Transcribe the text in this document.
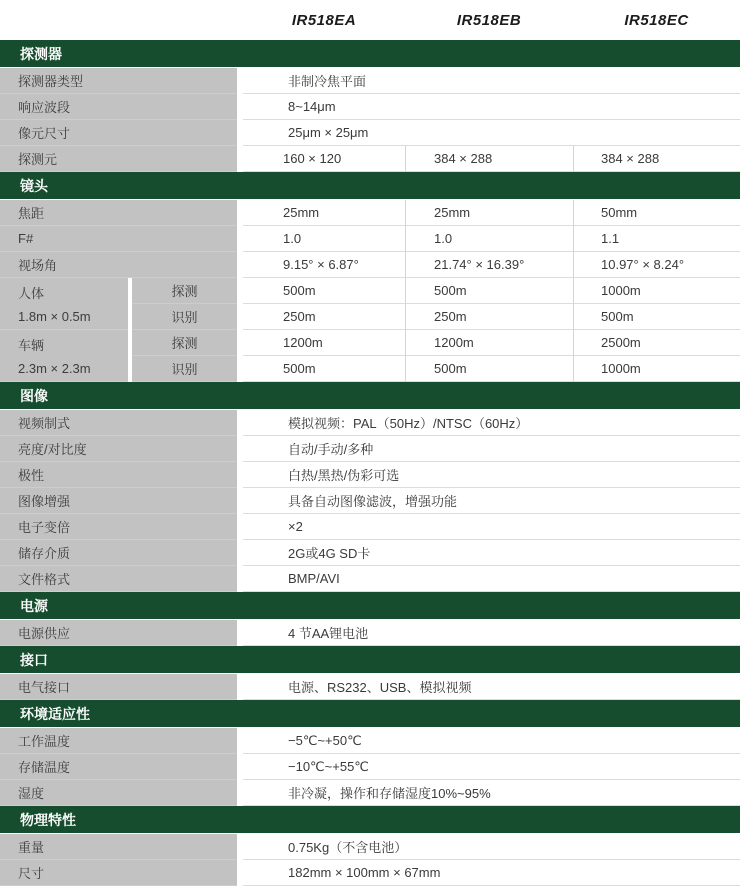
IR518EA	IR518EB	IR518EC
探测器
探测器类型	非制冷焦平面
响应波段	8~14μm
像元尺寸	25μm × 25μm
探测元	160 × 120	384 × 288	384 × 288
镜头
焦距	25mm	25mm	50mm
F#	1.0	1.0	1.1
视场角	9.15° × 6.87°	21.74° × 16.39°	10.97° × 8.24°
人体
1.8m × 0.5m
探测	500m	500m	1000m
识别	250m	250m	500m
车辆
2.3m × 2.3m
探测	1200m	1200m	2500m
识别	500m	500m	1000m
图像
视频制式	模拟视频：PAL（50Hz）/NTSC（60Hz）
亮度/对比度	自动/手动/多种
极性	白热/黑热/伪彩可选
图像增强	具备自动图像滤波，增强功能
电子变倍	×2
储存介质	2G或4G SD卡
文件格式	BMP/AVI
电源
电源供应	4 节AA锂电池
接口
电气接口	电源、RS232、USB、模拟视频
环境适应性
工作温度	−5℃~+50℃
存储温度	−10℃~+55℃
湿度	非冷凝，操作和存储湿度10%~95%
物理特性
重量	0.75Kg（不含电池）
尺寸	182mm × 100mm × 67mm
